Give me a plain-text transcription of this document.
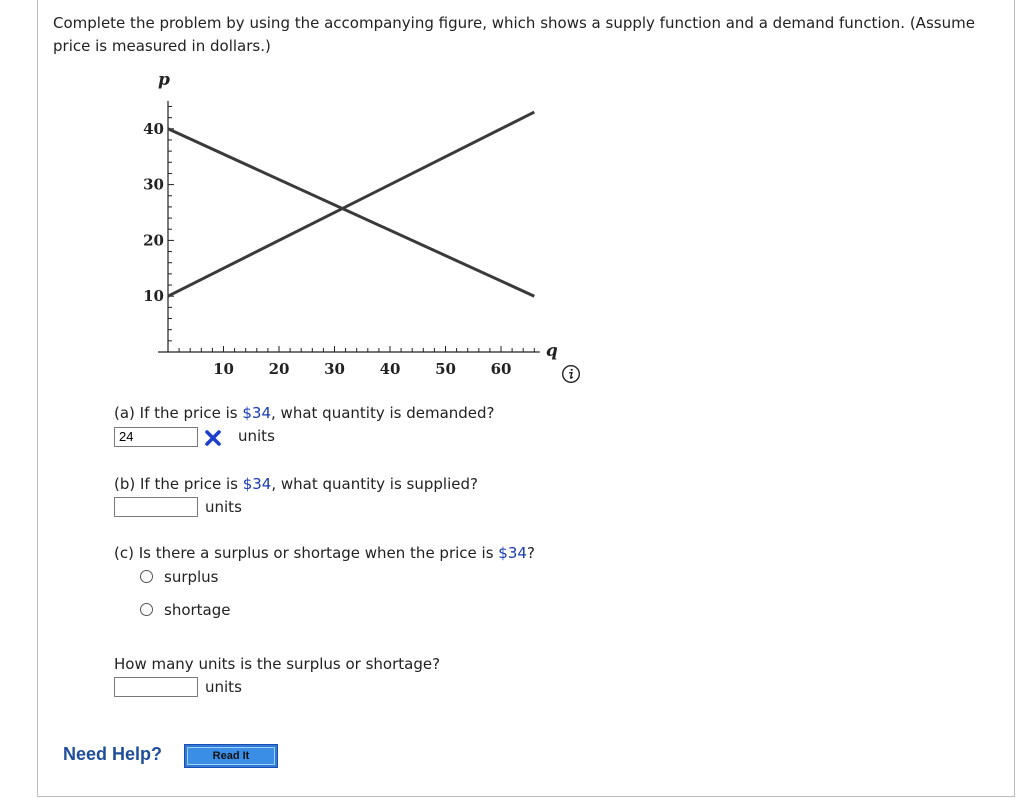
Complete the problem by using the accompanying figure, which shows a supply function and a demand function. (Assume price is measured in dollars.)
10 20 30 40 50 60
10
20
30
40
p
q
(a) If the price is $34, what quantity is demanded?
24	units
(b) If the price is $34, what quantity is supplied?
units
(c) Is there a surplus or shortage when the price is $34?
surplus
shortage
How many units is the surplus or shortage?
units
Need Help?	Read It
